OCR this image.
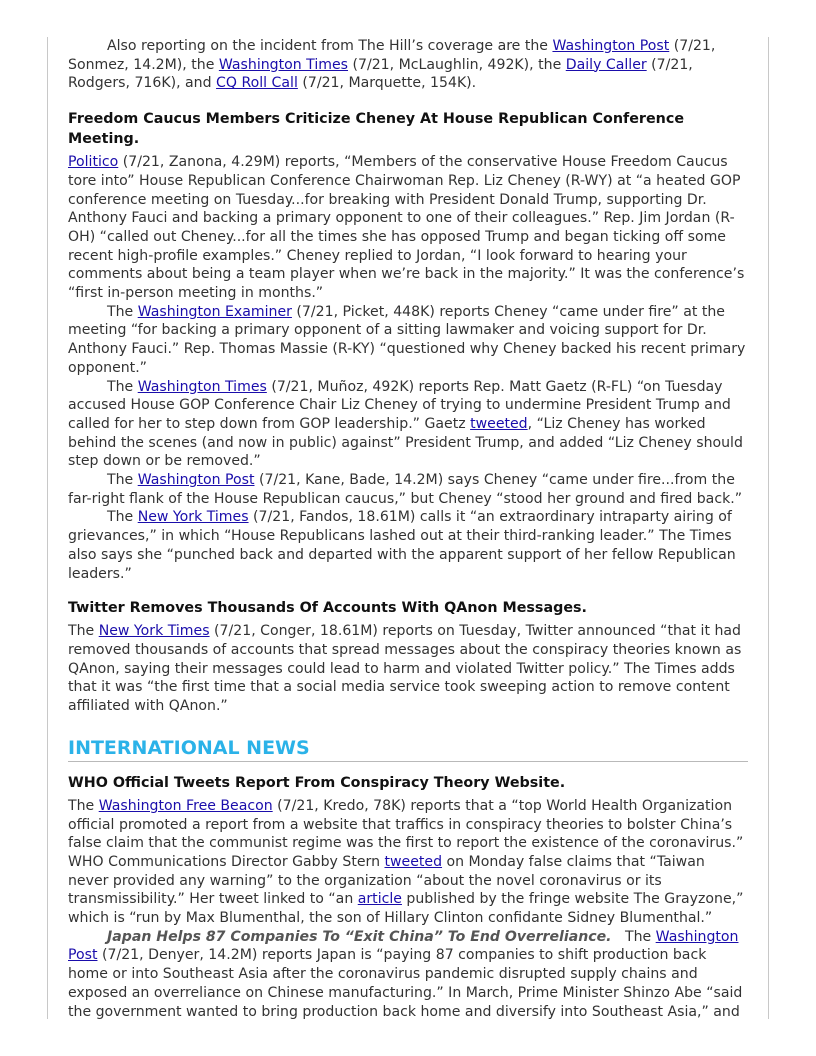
Also reporting on the incident from The Hill’s coverage are the Washington Post (7/21, Sonmez, 14.2M), the Washington Times (7/21, McLaughlin, 492K), the Daily Caller (7/21, Rodgers, 716K), and CQ Roll Call (7/21, Marquette, 154K).

Freedom Caucus Members Criticize Cheney At House Republican Conference Meeting.

Politico (7/21, Zanona, 4.29M) reports, “Members of the conservative House Freedom Caucus tore into” House Republican Conference Chairwoman Rep. Liz Cheney (R-WY) at “a heated GOP conference meeting on Tuesday...for breaking with President Donald Trump, supporting Dr. Anthony Fauci and backing a primary opponent to one of their colleagues.” Rep. Jim Jordan (R-OH) “called out Cheney...for all the times she has opposed Trump and began ticking off some recent high-profile examples.” Cheney replied to Jordan, “I look forward to hearing your comments about being a team player when we’re back in the majority.” It was the conference’s “first in-person meeting in months.”

The Washington Examiner (7/21, Picket, 448K) reports Cheney “came under fire” at the meeting “for backing a primary opponent of a sitting lawmaker and voicing support for Dr. Anthony Fauci.” Rep. Thomas Massie (R-KY) “questioned why Cheney backed his recent primary opponent.”

The Washington Times (7/21, Muñoz, 492K) reports Rep. Matt Gaetz (R-FL) “on Tuesday accused House GOP Conference Chair Liz Cheney of trying to undermine President Trump and called for her to step down from GOP leadership.” Gaetz tweeted, “Liz Cheney has worked behind the scenes (and now in public) against” President Trump, and added “Liz Cheney should step down or be removed.”

The Washington Post (7/21, Kane, Bade, 14.2M) says Cheney “came under fire...from the far-right flank of the House Republican caucus,” but Cheney “stood her ground and fired back.”

The New York Times (7/21, Fandos, 18.61M) calls it “an extraordinary intraparty airing of grievances,” in which “House Republicans lashed out at their third-ranking leader.” The Times also says she “punched back and departed with the apparent support of her fellow Republican leaders.”

Twitter Removes Thousands Of Accounts With QAnon Messages.

The New York Times (7/21, Conger, 18.61M) reports on Tuesday, Twitter announced “that it had removed thousands of accounts that spread messages about the conspiracy theories known as QAnon, saying their messages could lead to harm and violated Twitter policy.” The Times adds that it was “the first time that a social media service took sweeping action to remove content affiliated with QAnon.”

INTERNATIONAL NEWS
WHO Official Tweets Report From Conspiracy Theory Website.

The Washington Free Beacon (7/21, Kredo, 78K) reports that a “top World Health Organization official promoted a report from a website that traffics in conspiracy theories to bolster China’s false claim that the communist regime was the first to report the existence of the coronavirus.” WHO Communications Director Gabby Stern tweeted on Monday false claims that “Taiwan never provided any warning” to the organization “about the novel coronavirus or its transmissibility.” Her tweet linked to “an article published by the fringe website The Grayzone,” which is “run by Max Blumenthal, the son of Hillary Clinton confidante Sidney Blumenthal.”

Japan Helps 87 Companies To “Exit China” To End Overreliance.   The Washington Post (7/21, Denyer, 14.2M) reports Japan is “paying 87 companies to shift production back home or into Southeast Asia after the coronavirus pandemic disrupted supply chains and exposed an overreliance on Chinese manufacturing.” In March, Prime Minister Shinzo Abe “said the government wanted to bring production back home and diversify into Southeast Asia,” and
